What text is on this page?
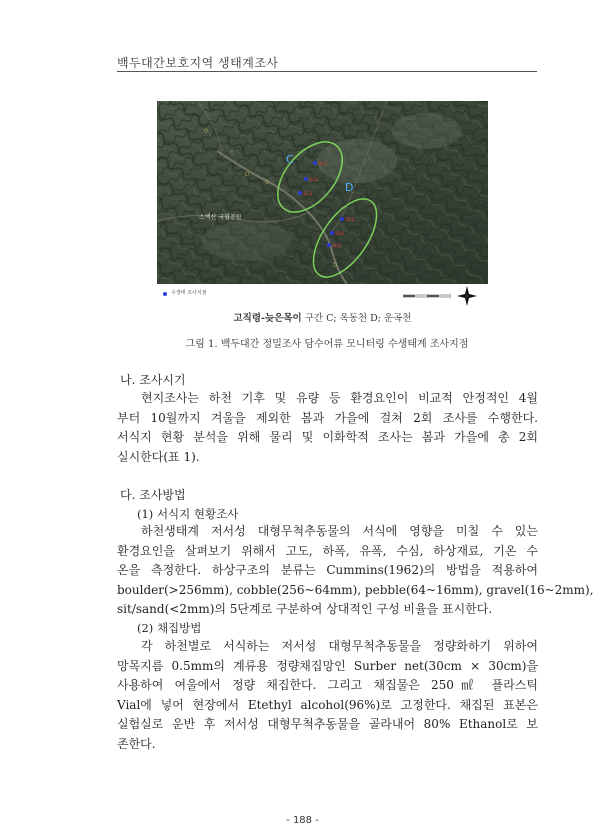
백두대간보호지역 생태계조사
C
D
SC1
SC2
SC3
SD1
SD2
SD3
소백산 국립공원
○
○
○
○
○
수생태 조사지점
고직령-늦은목이 구간 C; 옥동천 D; 운곡천
그림 1. 백두대간 정밀조사 담수어류 모니터링 수생태계 조사지점
나. 조사시기
현지조사는 하천 기후 및 유량 등 환경요인이 비교적 안정적인 4월
부터 10월까지 겨울을 제외한 봄과 가을에 걸쳐 2회 조사를 수행한다.
서식지 현황 분석을 위해 물리 및 이화학적 조사는 봄과 가을에 총 2회
실시한다(표 1).
다. 조사방법
(1) 서식지 현황조사
하천생태계 저서성 대형무척추동물의 서식에 영향을 미칠 수 있는
환경요인을 살펴보기 위해서 고도, 하폭, 유폭, 수심, 하상재료, 기온 수
온을 측정한다. 하상구조의 분류는 Cummins(1962)의 방법을 적용하여
boulder(>256mm), cobble(256~64mm), pebble(64~16mm), gravel(16~2mm),
sit/sand(<2mm)의 5단계로 구분하여 상대적인 구성 비율을 표시한다.
(2) 채집방법
각 하천별로 서식하는 저서성 대형무척추동물을 정량화하기 위하여
망목지름 0.5mm의 계류용 정량채집망인 Surber net(30cm × 30cm)을
사용하여 여울에서 정량 채집한다. 그리고 채집물은 250㎖ 플라스틱
Vial에 넣어 현장에서 Etethyl alcohol(96%)로 고정한다. 채집된 표본은
실험실로 운반 후 저서성 대형무척추동물을 골라내어 80% Ethanol로 보
존한다.
- 188 -
